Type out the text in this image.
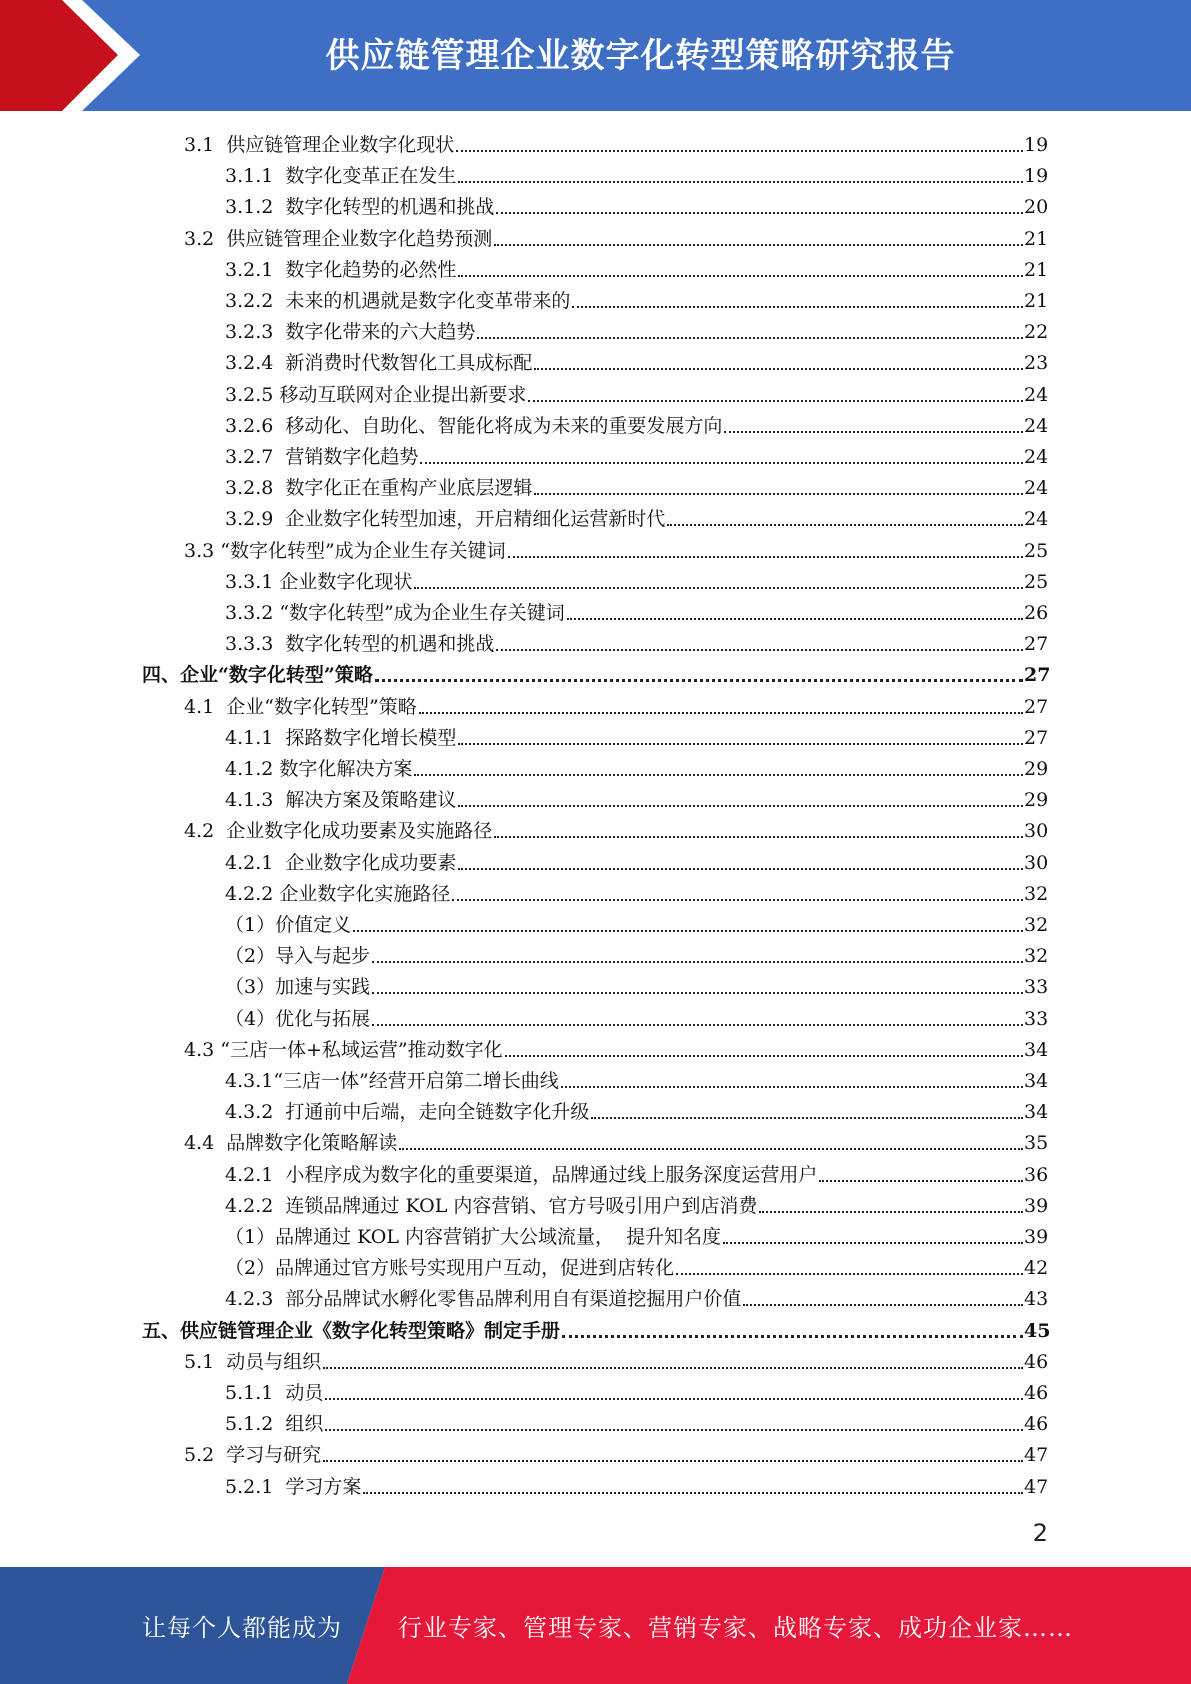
供应链管理企业数字化转型策略研究报告
3.1  供应链管理企业数字化现状	19
3.1.1  数字化变革正在发生	19
3.1.2  数字化转型的机遇和挑战	20
3.2  供应链管理企业数字化趋势预测	21
3.2.1  数字化趋势的必然性	21
3.2.2  未来的机遇就是数字化变革带来的	21
3.2.3  数字化带来的六大趋势	22
3.2.4  新消费时代数智化工具成标配	23
3.2.5 移动互联网对企业提出新要求	24
3.2.6  移动化、自助化、智能化将成为未来的重要发展方向	24
3.2.7  营销数字化趋势	24
3.2.8  数字化正在重构产业底层逻辑	24
3.2.9  企业数字化转型加速，开启精细化运营新时代	24
3.3 “数字化转型”成为企业生存关键词	25
3.3.1 企业数字化现状	25
3.3.2 “数字化转型”成为企业生存关键词	26
3.3.3  数字化转型的机遇和挑战	27
四、企业“数字化转型”策略	27
4.1  企业“数字化转型”策略	27
4.1.1  探路数字化增长模型	27
4.1.2 数字化解决方案	29
4.1.3  解决方案及策略建议	29
4.2  企业数字化成功要素及实施路径	30
4.2.1  企业数字化成功要素	30
4.2.2 企业数字化实施路径	32
（1）价值定义	32
（2）导入与起步	32
（3）加速与实践	33
（4）优化与拓展	33
4.3 “三店一体+私域运营”推动数字化	34
4.3.1“三店一体”经营开启第二增长曲线	34
4.3.2  打通前中后端，走向全链数字化升级	34
4.4  品牌数字化策略解读	35
4.2.1  小程序成为数字化的重要渠道，品牌通过线上服务深度运营用户	36
4.2.2  连锁品牌通过 KOL 内容营销、官方号吸引用户到店消费	39
（1）品牌通过 KOL 内容营销扩大公域流量，  提升知名度	39
（2）品牌通过官方账号实现用户互动，促进到店转化	42
4.2.3  部分品牌试水孵化零售品牌利用自有渠道挖掘用户价值	43
五、供应链管理企业《数字化转型策略》制定手册	45
5.1  动员与组织	46
5.1.1  动员	46
5.1.2  组织	46
5.2  学习与研究	47
5.2.1  学习方案	47
2
让每个人都能成为 行业专家、管理专家、营销专家、战略专家、成功企业家……
